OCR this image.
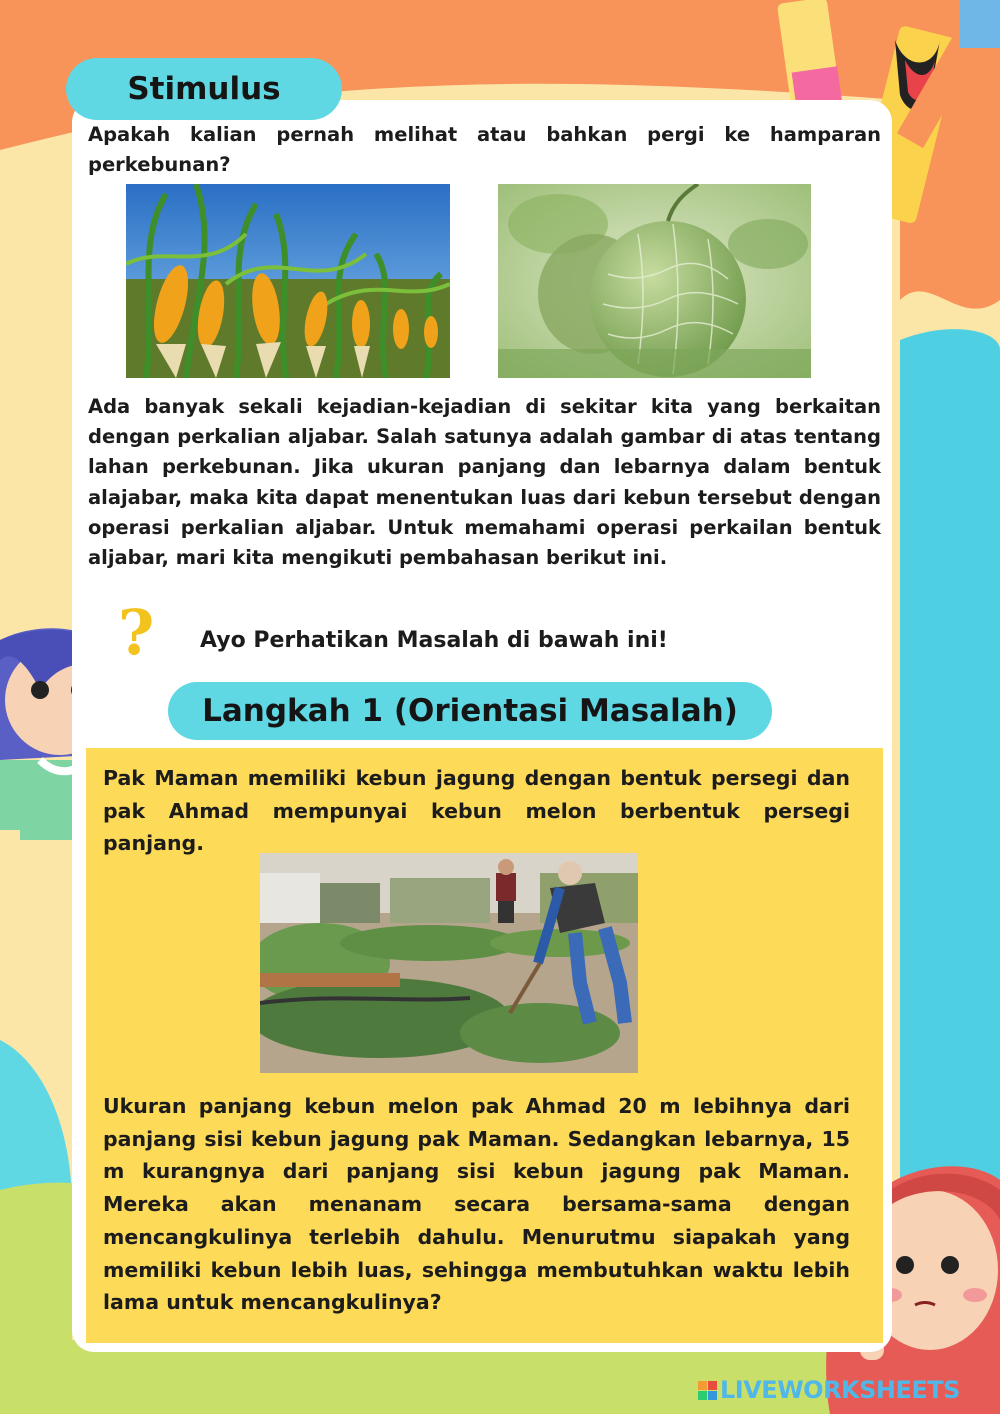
Stimulus

Apakah kalian pernah melihat atau bahkan pergi ke hamparan perkebunan?

Ada banyak sekali kejadian-kejadian di sekitar kita yang berkaitan dengan perkalian aljabar. Salah satunya adalah gambar di atas tentang lahan perkebunan. Jika ukuran panjang dan lebarnya dalam bentuk alajabar, maka kita dapat menentukan luas dari kebun tersebut dengan operasi perkalian aljabar. Untuk memahami operasi perkailan bentuk aljabar, mari kita mengikuti pembahasan berikut ini.

? Ayo Perhatikan Masalah di bawah ini!

Langkah 1 (Orientasi Masalah)

Pak Maman memiliki kebun jagung dengan bentuk persegi dan pak Ahmad mempunyai kebun melon berbentuk persegi panjang.

Ukuran panjang kebun melon pak Ahmad 20 m lebihnya dari panjang sisi kebun jagung pak Maman. Sedangkan lebarnya, 15 m kurangnya dari panjang sisi kebun jagung pak Maman. Mereka akan menanam secara bersama-sama dengan mencangkulinya terlebih dahulu. Menurutmu siapakah yang memiliki kebun lebih luas, sehingga membutuhkan waktu lebih lama untuk mencangkulinya?

LIVEWORKSHEETS
